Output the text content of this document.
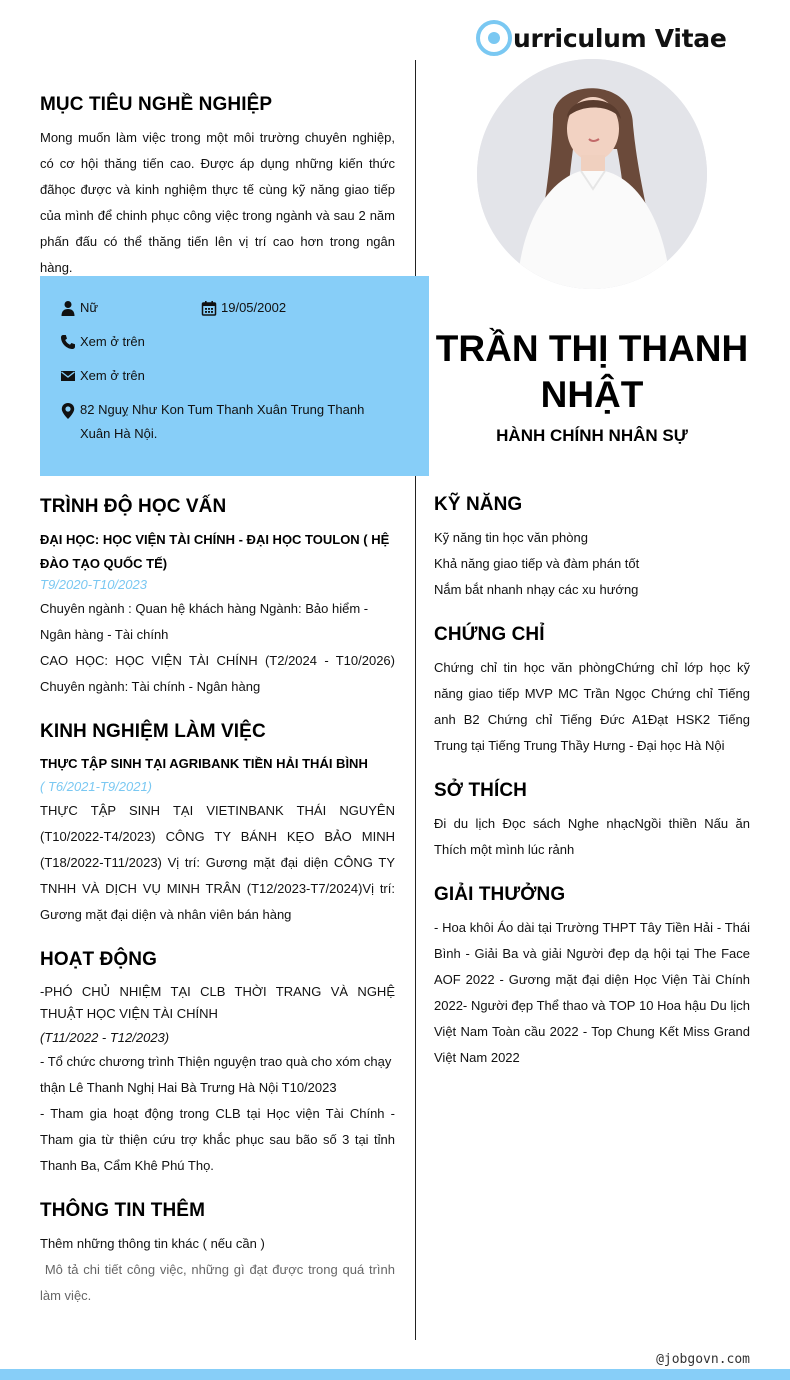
urriculum Vitae
MỤC TIÊU NGHỀ NGHIỆP
Mong muốn làm việc trong một môi trường chuyên nghiệp, có cơ hội thăng tiến cao. Được áp dụng những kiến thức đãhọc được và kinh nghiệm thực tế cùng kỹ năng giao tiếp của mình để chinh phục công việc trong ngành và sau 2 năm phấn đấu có thể thăng tiến lên vị trí cao hơn trong ngân hàng.
Nữ	19/05/2002
Xem ở trên
Xem ở trên
82 Nguỵ Như Kon Tum Thanh Xuân Trung Thanh Xuân Hà Nội.
TRẦN THỊ THANH
NHẬT
HÀNH CHÍNH NHÂN SỰ
TRÌNH ĐỘ HỌC VẤN
ĐẠI HỌC: HỌC VIỆN TÀI CHÍNH - ĐẠI HỌC TOULON ( HỆ ĐÀO TẠO QUỐC TẾ)
T9/2020-T10/2023
Chuyên ngành : Quan hệ khách hàng Ngành: Bảo hiểm - Ngân hàng - Tài chính
CAO HỌC: HỌC VIỆN TÀI CHÍNH (T2/2024 - T10/2026) Chuyên ngành: Tài chính - Ngân hàng
KINH NGHIỆM LÀM VIỆC
THỰC TẬP SINH TẠI AGRIBANK TIỀN HẢI THÁI BÌNH
( T6/2021-T9/2021)
THỰC TẬP SINH TẠI VIETINBANK THÁI NGUYÊN (T10/2022-T4/2023) CÔNG TY BÁNH KẸO BẢO MINH (T18/2022-T11/2023) Vị trí: Gương mặt đại diện CÔNG TY TNHH VÀ DỊCH VỤ MINH TRÂN (T12/2023-T7/2024)Vị trí: Gương mặt đại diện và nhân viên bán hàng
HOẠT ĐỘNG
-PHÓ CHỦ NHIỆM TẠI CLB THỜI TRANG VÀ NGHỆ THUẬT HỌC VIỆN TÀI CHÍNH
(T11/2022 - T12/2023)
- Tổ chức chương trình Thiện nguyện trao quà cho xóm chạy thận Lê Thanh Nghị Hai Bà Trưng Hà Nội T10/2023
- Tham gia hoạt động trong CLB tại Học viện Tài Chính - Tham gia từ thiện cứu trợ khắc phục sau bão số 3 tại tỉnh Thanh Ba, Cẩm Khê Phú Thọ.
THÔNG TIN THÊM
Thêm những thông tin khác ( nếu cần )
Mô tả chi tiết công việc, những gì đạt được trong quá trình làm việc.
KỸ NĂNG
Kỹ năng tin học văn phòng
Khả năng giao tiếp và đàm phán tốt
Nắm bắt nhanh nhạy các xu hướng
CHỨNG CHỈ
Chứng chỉ tin học văn phòngChứng chỉ lớp học kỹ năng giao tiếp MVP MC Trần Ngọc Chứng chỉ Tiếng anh B2 Chứng chỉ Tiếng Đức A1Đạt HSK2 Tiếng Trung tại Tiếng Trung Thầy Hưng - Đại học Hà Nội
SỞ THÍCH
Đi du lịch Đọc sách Nghe nhạcNgồi thiền Nấu ăn Thích một mình lúc rảnh
GIẢI THƯỞNG
- Hoa khôi Áo dài tại Trường THPT Tây Tiền Hải - Thái Bình - Giải Ba và giải Người đẹp dạ hội tại The Face AOF 2022 - Gương mặt đại diện Học Viện Tài Chính 2022- Người đẹp Thể thao và TOP 10 Hoa hậu Du lịch Việt Nam Toàn cầu 2022 - Top Chung Kết Miss Grand Việt Nam 2022
@jobgovn.com
